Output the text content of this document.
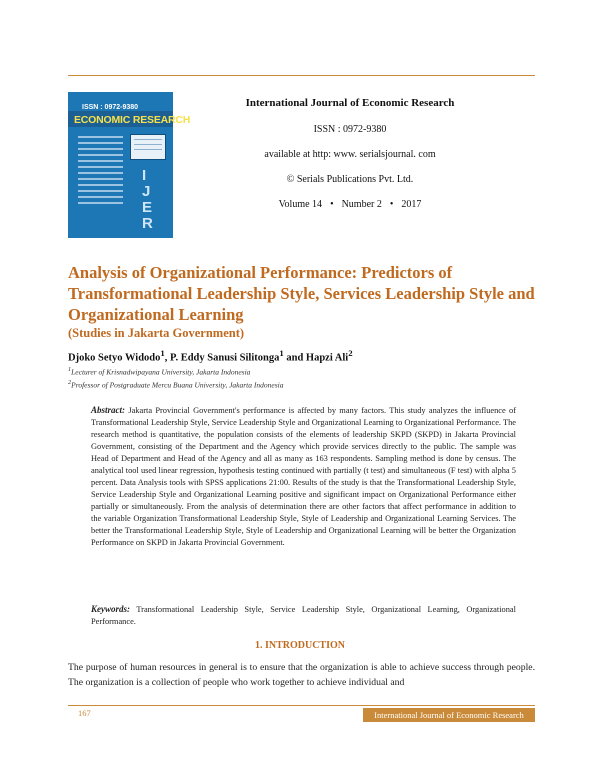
ISSN : 0972-9380
ECONOMIC RESEARCH
I
J
E
R
International Journal of Economic Research
ISSN : 0972-9380
available at http: www. serialsjournal. com
© Serials Publications Pvt. Ltd.
Volume 14 • Number 2 • 2017
Analysis of Organizational Performance: Predictors of Transformational Leadership Style, Services Leadership Style and Organizational Learning
(Studies in Jakarta Government)
Djoko Setyo Widodo$^1$, P. Eddy Sanusi Silitonga$^1$ and Hapzi Ali$^2$
$^1$Lecturer of Krisnadwipayana University, Jakarta Indonesia
$^2$Professor of Postgraduate Mercu Buana University, Jakarta Indonesia

Abstract: Jakarta Provincial Government's performance is affected by many factors. This study analyzes the influence of Transformational Leadership Style, Service Leadership Style and Organizational Learning to Organizational Performance. The research method is quantitative, the population consists of the elements of leadership SKPD (SKPD) in Jakarta Provincial Government, consisting of the Department and the Agency which provide services directly to the public. The sample was Head of Department and Head of the Agency and all as many as 163 respondents. Sampling method is done by census. The analytical tool used linear regression, hypothesis testing continued with partially (t test) and simultaneous (F test) with alpha 5 percent. Data Analysis tools with SPSS applications 21:00. Results of the study is that the Transformational Leadership Style, Service Leadership Style and Organizational Learning positive and significant impact on Organizational Performance either partially or simultaneously. From the analysis of determination there are other factors that affect performance in addition to the variable Organization Transformational Leadership Style, Style of Leadership and Organizational Learning Services. The better the Transformational Leadership Style, Style of Leadership and Organizational Learning will be better the Organization Performance on SKPD in Jakarta Provincial Government.

Keywords: Transformational Leadership Style, Service Leadership Style, Organizational Learning, Organizational Performance.

1. INTRODUCTION

The purpose of human resources in general is to ensure that the organization is able to achieve success through people. The organization is a collection of people who work together to achieve individual and

167	International Journal of Economic Research
